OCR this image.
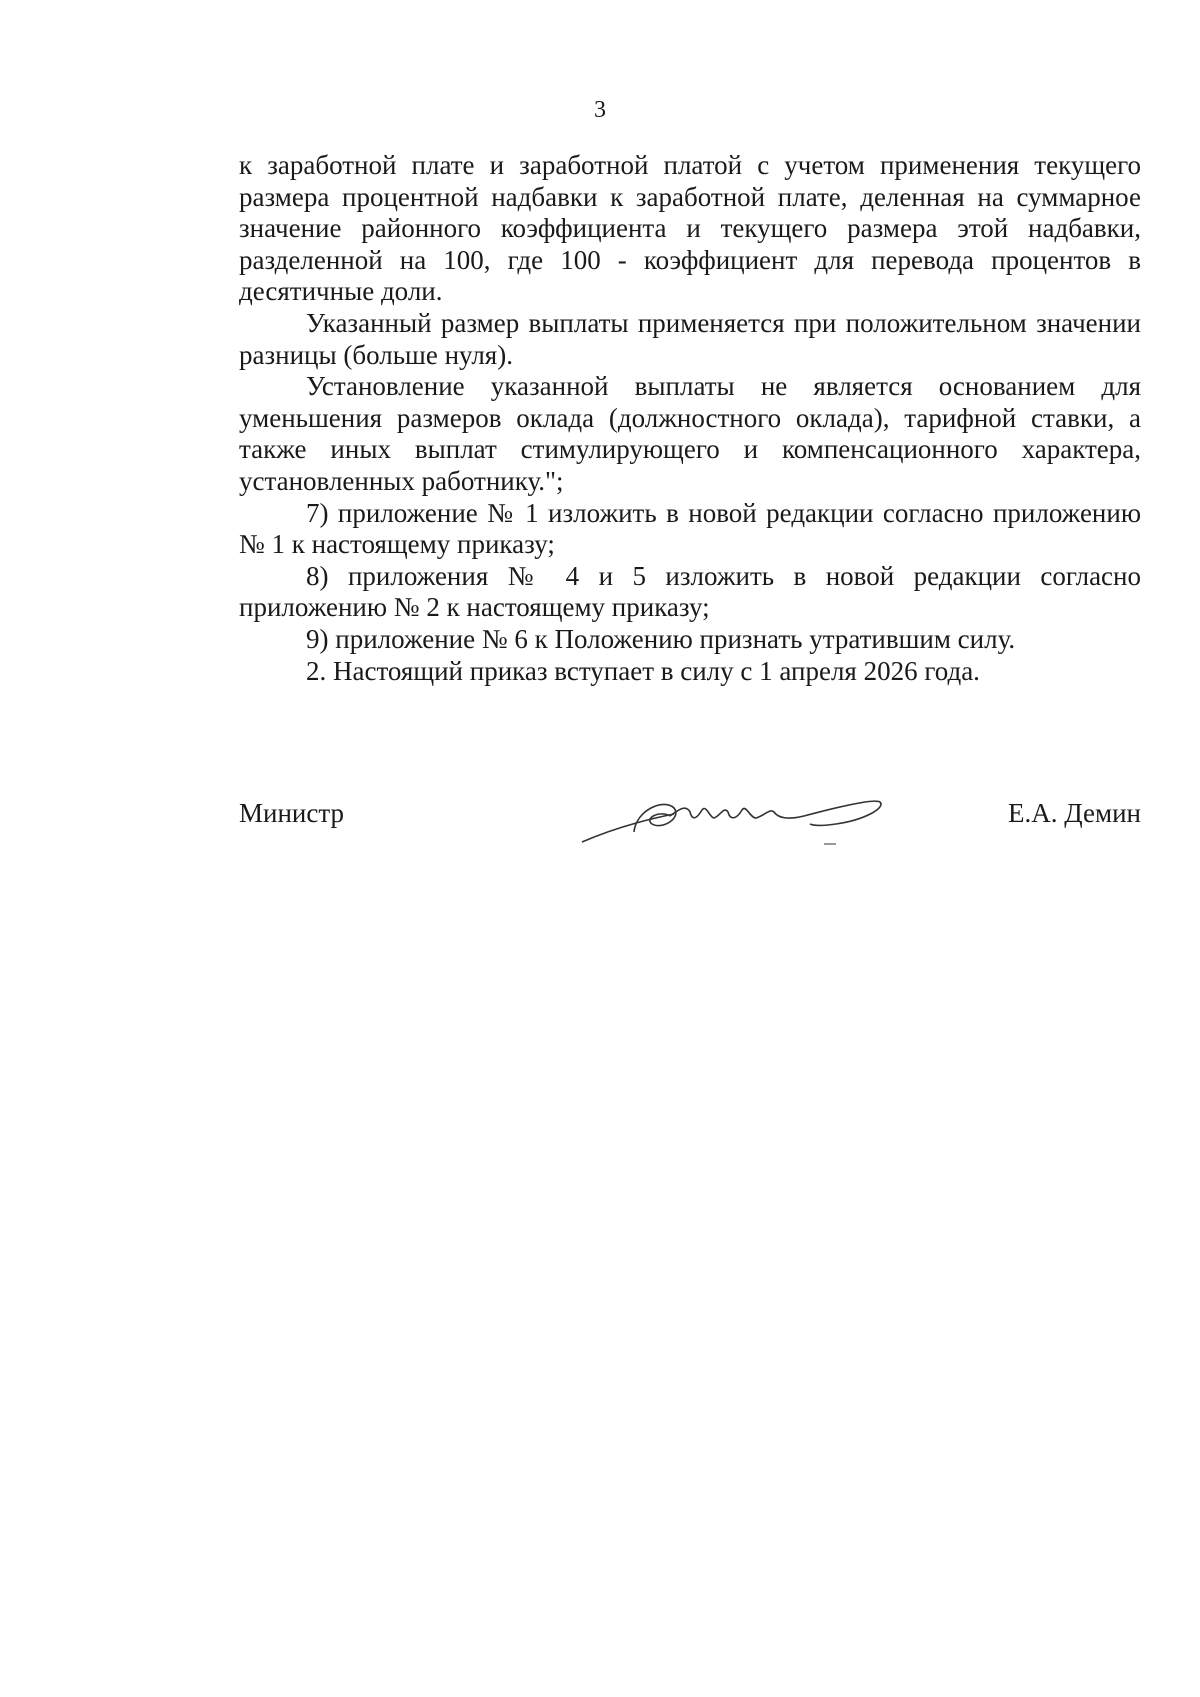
3

к заработной плате и заработной платой с учетом применения текущего размера процентной надбавки к заработной плате, деленная на суммарное значение районного коэффициента и текущего размера этой надбавки, разделенной на 100, где 100 - коэффициент для перевода процентов в десятичные доли.

Указанный размер выплаты применяется при положительном значении разницы (больше нуля).

Установление указанной выплаты не является основанием для уменьшения размеров оклада (должностного оклада), тарифной ставки, а также иных выплат стимулирующего и компенсационного характера, установленных работнику.";

7) приложение № 1 изложить в новой редакции согласно приложению № 1 к настоящему приказу;

8) приложения № 4 и 5 изложить в новой редакции согласно приложению № 2 к настоящему приказу;

9) приложение № 6 к Положению признать утратившим силу.

2. Настоящий приказ вступает в силу с 1 апреля 2026 года.

Министр	Е.А. Демин
